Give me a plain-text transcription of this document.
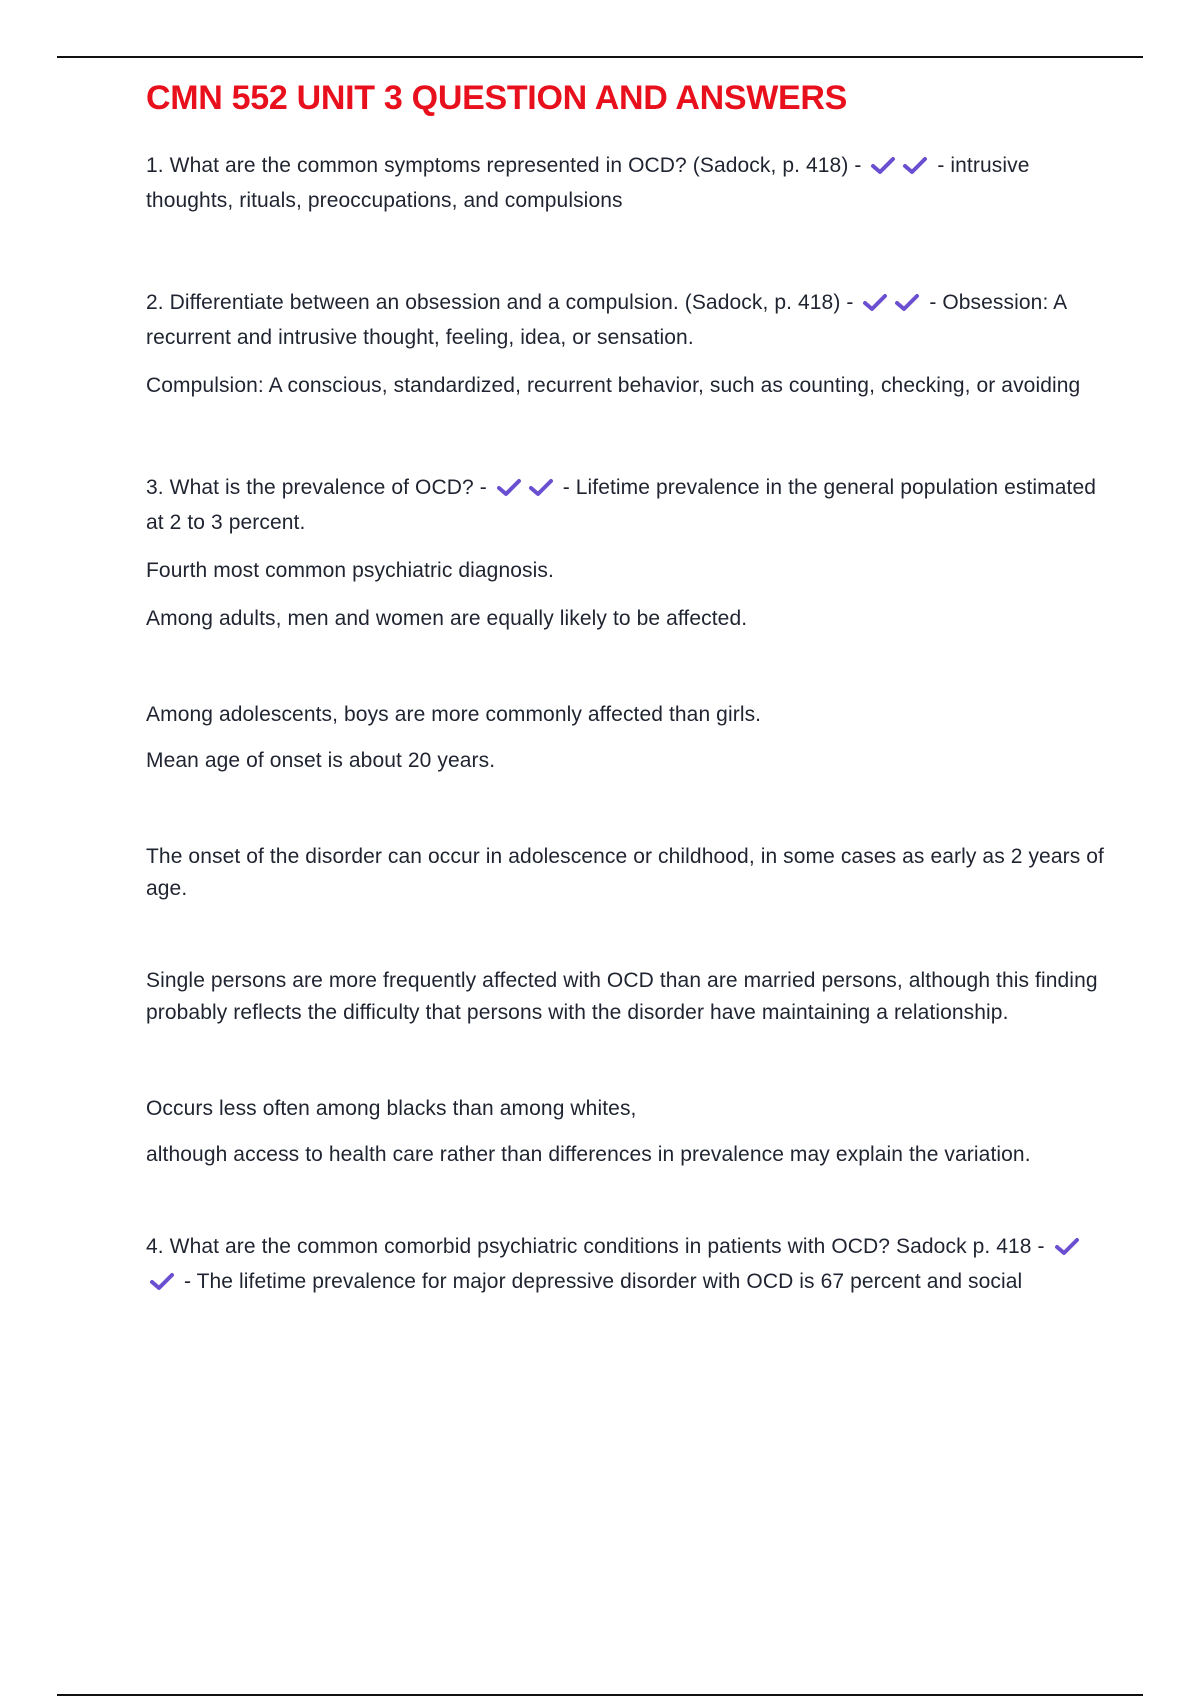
CMN 552 UNIT 3 QUESTION AND ANSWERS

1. What are the common symptoms represented in OCD? (Sadock, p. 418) -	- intrusive thoughts, rituals, preoccupations, and compulsions

2. Differentiate between an obsession and a compulsion. (Sadock, p. 418) -	- Obsession: A recurrent and intrusive thought, feeling, idea, or sensation.

Compulsion: A conscious, standardized, recurrent behavior, such as counting, checking, or avoiding

3. What is the prevalence of OCD? -	- Lifetime prevalence in the general population estimated at 2 to 3 percent.

Fourth most common psychiatric diagnosis.

Among adults, men and women are equally likely to be affected.

Among adolescents, boys are more commonly affected than girls.

Mean age of onset is about 20 years.

The onset of the disorder can occur in adolescence or childhood, in some cases as early as 2 years of age.

Single persons are more frequently affected with OCD than are married persons, although this finding probably reflects the difficulty that persons with the disorder have maintaining a relationship.

Occurs less often among blacks than among whites,

although access to health care rather than differences in prevalence may explain the variation.

4. What are the common comorbid psychiatric conditions in patients with OCD? Sadock p. 418 -  - The lifetime prevalence for major depressive disorder with OCD is 67 percent and social
